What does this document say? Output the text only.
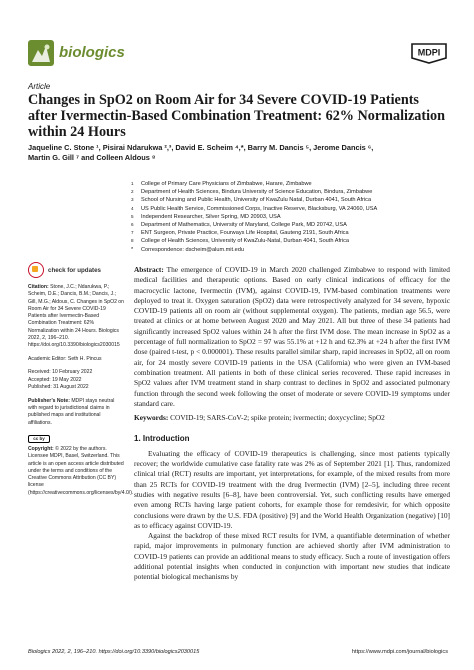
biologics	MDPI
Article
Changes in SpO2 on Room Air for 34 Severe COVID-19 Patients after Ivermectin-Based Combination Treatment: 62% Normalization within 24 Hours
Jaqueline C. Stone ¹, Pisirai Ndarukwa ²,³, David E. Scheim ⁴,*, Barry M. Dancis ⁵, Jerome Dancis ⁶,
Martin G. Gill ⁷ and Colleen Aldous ⁸
1	College of Primary Care Physicians of Zimbabwe, Harare, Zimbabwe
2	Department of Health Sciences, Bindura University of Science Education, Bindura, Zimbabwe
3	School of Nursing and Public Health, University of KwaZulu Natal, Durban 4041, South Africa
4	US Public Health Service, Commissioned Corps, Inactive Reserve, Blacksburg, VA 24060, USA
5	Independent Researcher, Silver Spring, MD 20903, USA
6	Department of Mathematics, University of Maryland, College Park, MD 20742, USA
7	ENT Surgeon, Private Practice, Fourways Life Hospital, Gauteng 2191, South Africa
8	College of Health Sciences, University of KwaZulu-Natal, Durban 4041, South Africa
*	Correspondence: dscheim@alum.mit.edu
check for updates
Citation: Stone, J.C.; Ndarukwa, P.; Scheim, D.E.; Dancis, B.M.; Dancis, J.; Gill, M.G.; Aldous, C. Changes in SpO2 on Room Air for 34 Severe COVID-19 Patients after Ivermectin-Based Combination Treatment: 62% Normalization within 24 Hours. Biologics 2022, 2, 196–210. https://doi.org/10.3390/biologics2030015
Academic Editor: Seth H. Pincus
Received: 10 February 2022
Accepted: 19 May 2022
Published: 31 August 2022
Publisher’s Note: MDPI stays neutral with regard to jurisdictional claims in published maps and institutional affiliations.
cc by
Copyright: © 2022 by the authors. Licensee MDPI, Basel, Switzerland. This article is an open access article distributed under the terms and conditions of the Creative Commons Attribution (CC BY) license (https://creativecommons.org/licenses/by/4.0/).
Abstract: The emergence of COVID-19 in March 2020 challenged Zimbabwe to respond with limited medical facilities and therapeutic options. Based on early clinical indications of efficacy for the macrocyclic lactone, Ivermectin (IVM), against COVID-19, IVM-based combination treatments were deployed to treat it. Oxygen saturation (SpO2) data were retrospectively analyzed for 34 severe, hypoxic COVID-19 patients all on room air (without supplemental oxygen). The patients, median age 56.5, were treated at clinics or at home between August 2020 and May 2021. All but three of these 34 patients had significantly increased SpO2 values within 24 h after the first IVM dose. The mean increase in SpO2 as a percentage of full normalization to SpO2 = 97 was 55.1% at +12 h and 62.3% at +24 h after the first IVM dose (paired t-test, p < 0.000001). These results parallel similar sharp, rapid increases in SpO2, all on room air, for 24 mostly severe COVID-19 patients in the USA (California) who were given an IVM-based combination treatment. All patients in both of these clinical series recovered. These rapid increases in SpO2 values after IVM treatment stand in sharp contrast to declines in SpO2 and associated pulmonary function through the second week following the onset of moderate or severe COVID-19 symptoms under standard care.
Keywords: COVID-19; SARS-CoV-2; spike protein; ivermectin; doxycycline; SpO2
1. Introduction

Evaluating the efficacy of COVID-19 therapeutics is challenging, since most patients typically recover; the worldwide cumulative case fatality rate was 2% as of September 2021 [1]. Thus, randomized clinical trial (RCT) results are important, yet interpretations, for example, of the mixed results from more than 25 RCTs for COVID-19 treatment with the drug Ivermectin (IVM) [2–5], including three recent studies with negative results [6–8], have been controversial. Yet, such conflicting results have emerged even among RCTs having large patient cohorts, for example those for remdesivir, for which opposite conclusions were drawn by the U.S. FDA (positive) [9] and the World Health Organization (negative) [10] as to efficacy against COVID-19.

Against the backdrop of these mixed RCT results for IVM, a quantifiable determination of whether rapid, major improvements in pulmonary function are achieved shortly after IVM administration to COVID-19 patients can provide an additional means to study efficacy. Such a route of investigation offers additional potential insights when conducted in conjunction with important new studies that indicate potential biological mechanisms by

Biologics 2022, 2, 196–210. https://doi.org/10.3390/biologics2030015	https://www.mdpi.com/journal/biologics
